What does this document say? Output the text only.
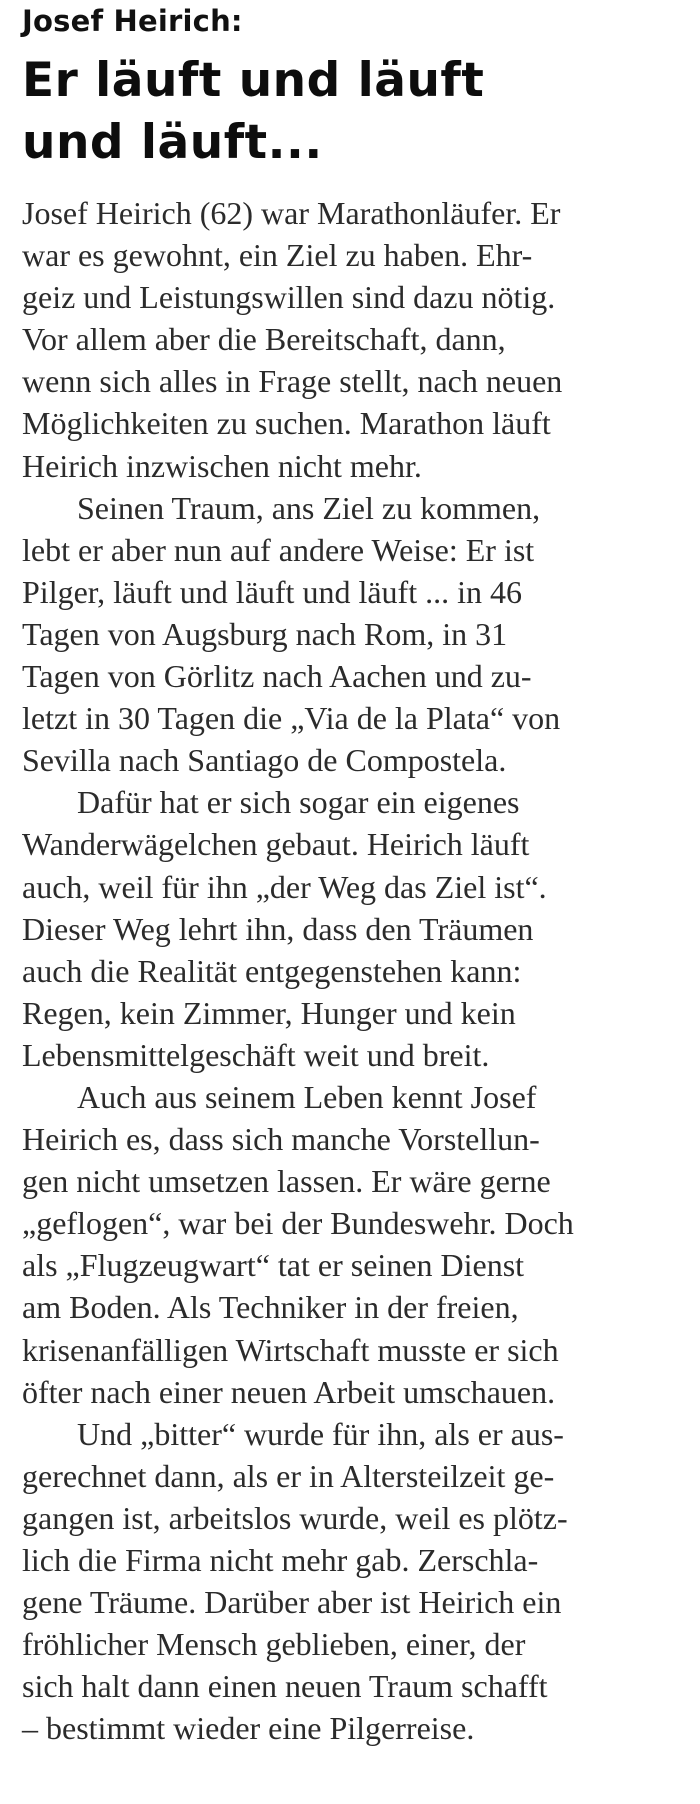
Josef Heirich:
Er läuft und läuft
und läuft...
Josef Heirich (62) war Marathonläufer. Er
war es gewohnt, ein Ziel zu haben. Ehr-
geiz und Leistungswillen sind dazu nötig.
Vor allem aber die Bereitschaft, dann,
wenn sich alles in Frage stellt, nach neuen
Möglichkeiten zu suchen. Marathon läuft
Heirich inzwischen nicht mehr.
Seinen Traum, ans Ziel zu kommen,
lebt er aber nun auf andere Weise: Er ist
Pilger, läuft und läuft und läuft ... in 46
Tagen von Augsburg nach Rom, in 31
Tagen von Görlitz nach Aachen und zu-
letzt in 30 Tagen die „Via de la Plata“ von
Sevilla nach Santiago de Compostela.
Dafür hat er sich sogar ein eigenes
Wanderwägelchen gebaut. Heirich läuft
auch, weil für ihn „der Weg das Ziel ist“.
Dieser Weg lehrt ihn, dass den Träumen
auch die Realität entgegenstehen kann:
Regen, kein Zimmer, Hunger und kein
Lebensmittelgeschäft weit und breit.
Auch aus seinem Leben kennt Josef
Heirich es, dass sich manche Vorstellun-
gen nicht umsetzen lassen. Er wäre gerne
„geflogen“, war bei der Bundeswehr. Doch
als „Flugzeugwart“ tat er seinen Dienst
am Boden. Als Techniker in der freien,
krisenanfälligen Wirtschaft musste er sich
öfter nach einer neuen Arbeit umschauen.
Und „bitter“ wurde für ihn, als er aus-
gerechnet dann, als er in Altersteilzeit ge-
gangen ist, arbeitslos wurde, weil es plötz-
lich die Firma nicht mehr gab. Zerschla-
gene Träume. Darüber aber ist Heirich ein
fröhlicher Mensch geblieben, einer, der
sich halt dann einen neuen Traum schafft
– bestimmt wieder eine Pilgerreise.
